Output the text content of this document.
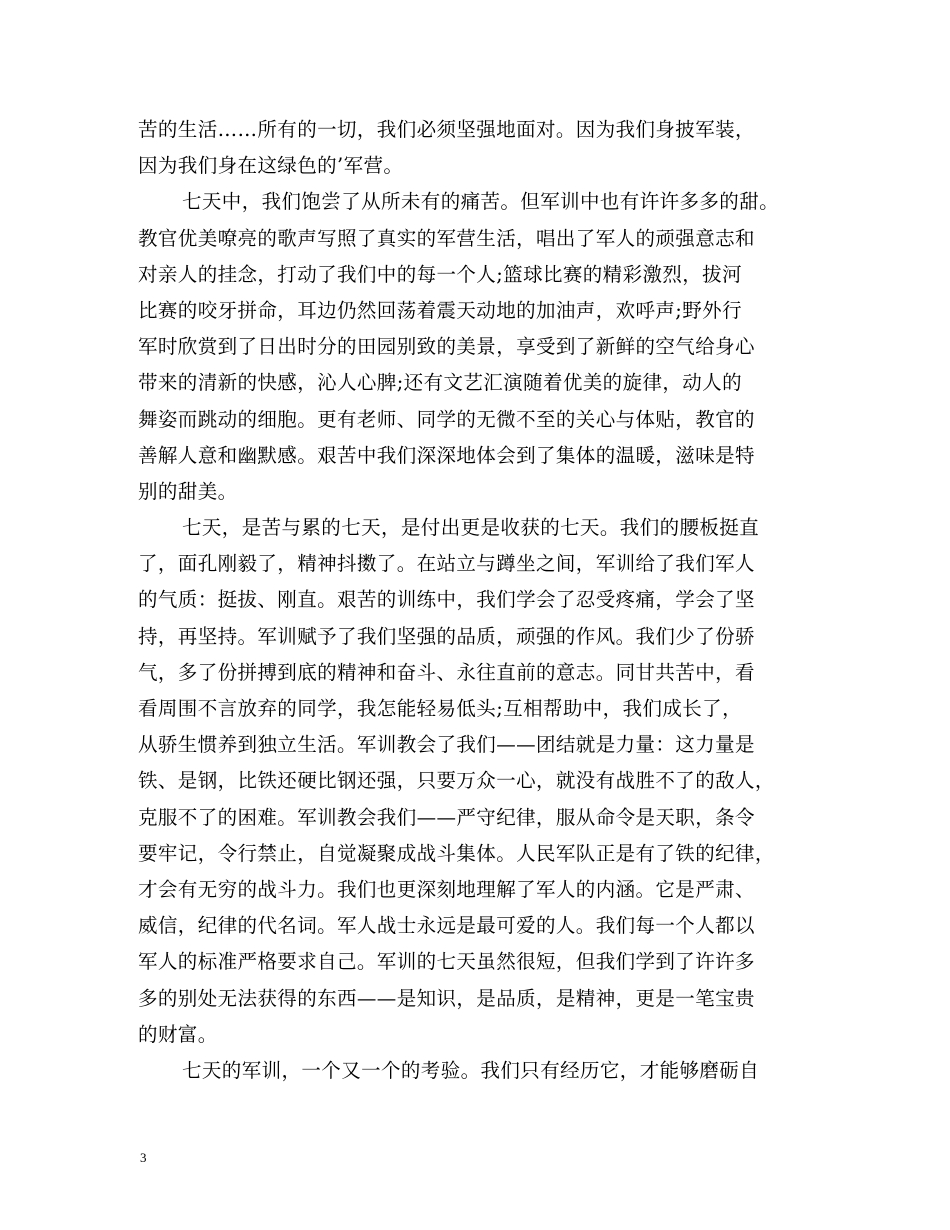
苦的生活……所有的一切，我们必须坚强地面对。因为我们身披军装，
因为我们身在这绿色的’军营。
七天中，我们饱尝了从所未有的痛苦。但军训中也有许许多多的甜。
教官优美嘹亮的歌声写照了真实的军营生活，唱出了军人的顽强意志和
对亲人的挂念，打动了我们中的每一个人;篮球比赛的精彩激烈，拔河
比赛的咬牙拼命，耳边仍然回荡着震天动地的加油声，欢呼声;野外行
军时欣赏到了日出时分的田园别致的美景，享受到了新鲜的空气给身心
带来的清新的快感，沁人心脾;还有文艺汇演随着优美的旋律，动人的
舞姿而跳动的细胞。更有老师、同学的无微不至的关心与体贴，教官的
善解人意和幽默感。艰苦中我们深深地体会到了集体的温暖，滋味是特
别的甜美。
七天，是苦与累的七天，是付出更是收获的七天。我们的腰板挺直
了，面孔刚毅了，精神抖擞了。在站立与蹲坐之间，军训给了我们军人
的气质：挺拔、刚直。艰苦的训练中，我们学会了忍受疼痛，学会了坚
持，再坚持。军训赋予了我们坚强的品质，顽强的作风。我们少了份骄
气，多了份拼搏到底的精神和奋斗、永往直前的意志。同甘共苦中，看
看周围不言放弃的同学，我怎能轻易低头;互相帮助中，我们成长了，
从骄生惯养到独立生活。军训教会了我们——团结就是力量：这力量是
铁、是钢，比铁还硬比钢还强，只要万众一心，就没有战胜不了的敌人，
克服不了的困难。军训教会我们——严守纪律，服从命令是天职，条令
要牢记，令行禁止，自觉凝聚成战斗集体。人民军队正是有了铁的纪律，
才会有无穷的战斗力。我们也更深刻地理解了军人的内涵。它是严肃、
威信，纪律的代名词。军人战士永远是最可爱的人。我们每一个人都以
军人的标准严格要求自己。军训的七天虽然很短，但我们学到了许许多
多的别处无法获得的东西——是知识，是品质，是精神，更是一笔宝贵
的财富。
七天的军训，一个又一个的考验。我们只有经历它，才能够磨砺自
3
